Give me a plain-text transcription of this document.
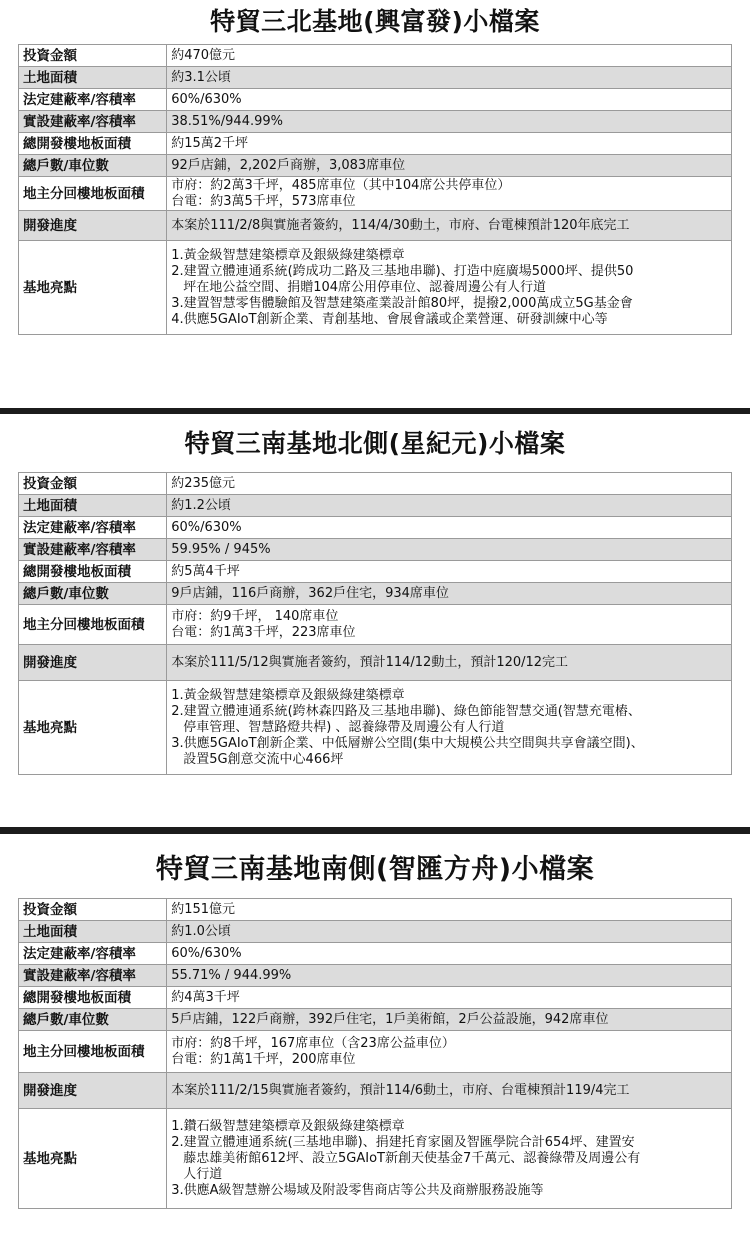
特貿三北基地(興富發)小檔案
投資金額	約470億元

土地面積	約3.1公頃

法定建蔽率/容積率	60%/630%

實設建蔽率/容積率	38.51%/944.99%

總開發樓地板面積	約15萬2千坪

總戶數/車位數	92戶店鋪，2,202戶商辦，3,083席車位

地主分回樓地板面積	市府：約2萬3千坪，485席車位（其中104席公共停車位）
台電：約3萬5千坪，573席車位

開發進度	本案於111/2/8與實施者簽約，114/4/30動土，市府、台電棟預計120年底完工

基地亮點	1.黃金級智慧建築標章及銀級綠建築標章
2.建置立體連通系統(跨成功二路及三基地串聯)、打造中庭廣場5000坪、提供50
坪在地公益空間、捐贈104席公用停車位、認養周邊公有人行道
3.建置智慧零售體驗館及智慧建築產業設計館80坪，提撥2,000萬成立5G基金會
4.供應5GAIoT創新企業、青創基地、會展會議或企業營運、研發訓練中心等
特貿三南基地北側(星紀元)小檔案
投資金額	約235億元

土地面積	約1.2公頃

法定建蔽率/容積率	60%/630%

實設建蔽率/容積率	59.95% / 945%

總開發樓地板面積	約5萬4千坪

總戶數/車位數	9戶店鋪，116戶商辦，362戶住宅，934席車位

地主分回樓地板面積	市府：約9千坪， 140席車位
台電：約1萬3千坪，223席車位

開發進度	本案於111/5/12與實施者簽約，預計114/12動土，預計120/12完工

基地亮點	1.黃金級智慧建築標章及銀級綠建築標章
2.建置立體連通系統(跨林森四路及三基地串聯)、綠色節能智慧交通(智慧充電樁、
停車管理、智慧路燈共桿) 、認養綠帶及周邊公有人行道
3.供應5GAIoT創新企業、中低層辦公空間(集中大規模公共空間與共享會議空間)、
設置5G創意交流中心466坪
特貿三南基地南側(智匯方舟)小檔案
投資金額	約151億元

土地面積	約1.0公頃

法定建蔽率/容積率	60%/630%

實設建蔽率/容積率	55.71% / 944.99%

總開發樓地板面積	約4萬3千坪

總戶數/車位數	5戶店鋪，122戶商辦，392戶住宅，1戶美術館，2戶公益設施，942席車位

地主分回樓地板面積	市府：約8千坪，167席車位（含23席公益車位）
台電：約1萬1千坪，200席車位

開發進度	本案於111/2/15與實施者簽約，預計114/6動土，市府、台電棟預計119/4完工

基地亮點	1.鑽石級智慧建築標章及銀級綠建築標章
2.建置立體連通系統(三基地串聯)、捐建托育家園及智匯學院合計654坪、建置安
藤忠雄美術館612坪、設立5GAIoT新創天使基金7千萬元、認養綠帶及周邊公有
人行道
3.供應A級智慧辦公場域及附設零售商店等公共及商辦服務設施等
